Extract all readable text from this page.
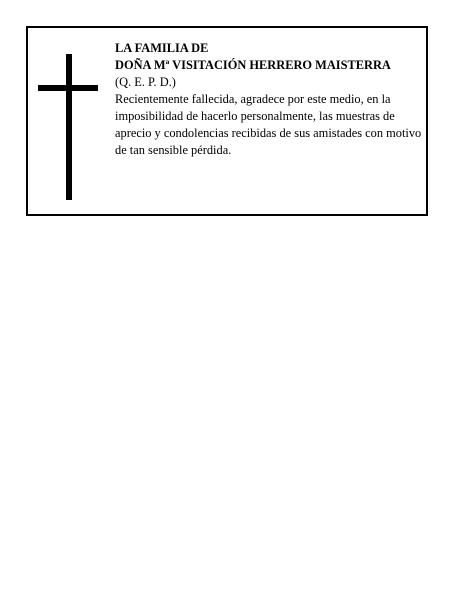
LA FAMILIA DE
DOÑA Mª VISITACIÓN HERRERO MAISTERRA
(Q. E. P. D.)
Recientemente fallecida, agradece por este medio, en la imposibilidad de hacerlo personalmente, las muestras de aprecio y condolencias recibidas de sus amistades con motivo de tan sensible pérdida.
